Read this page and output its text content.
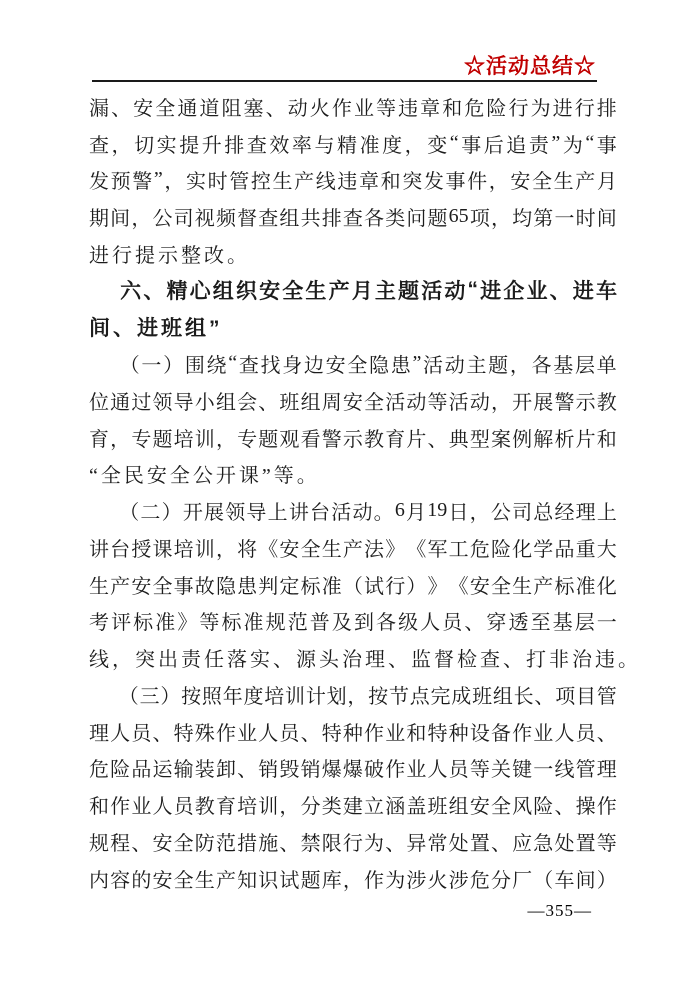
☆活动总结☆
漏 、 安 全 通 道 阻 塞 、 动 火 作 业 等 违 章 和 危 险 行 为 进 行 排
查 ， 切 实 提 升 排 查 效 率 与 精 准 度 ， 变 “ 事 后 追 责 ” 为 “ 事
发 预 警 ” ， 实 时 管 控 生 产 线 违 章 和 突 发 事 件 ， 安 全 生 产 月
期 间 ， 公 司 视 频 督 查 组 共 排 查 各 类 问 题 65 项 ， 均 第 一 时 间
进行提示整改。
六 、 精 心 组 织 安 全 生 产 月 主 题 活 动 “ 进 企 业 、 进 车
间、进班组”
（ 一 ） 围 绕 “ 查 找 身 边 安 全 隐 患 ” 活 动 主 题 ， 各 基 层 单
位 通 过 领 导 小 组 会 、 班 组 周 安 全 活 动 等 活 动 ， 开 展 警 示 教
育 ， 专 题 培 训 ， 专 题 观 看 警 示 教 育 片 、 典 型 案 例 解 析 片 和
“全民安全公开课”等。
（ 二 ） 开 展 领 导 上 讲 台 活 动 。 6 月 19 日 ， 公 司 总 经 理 上
讲 台 授 课 培 训 ， 将 《 安 全 生 产 法 》 《 军 工 危 险 化 学 品 重 大
生 产 安 全 事 故 隐 患 判 定 标 准 （ 试 行 ） 》 《 安 全 生 产 标 准 化
考 评 标 准 》 等 标 准 规 范 普 及 到 各 级 人 员 、 穿 透 至 基 层 一
线，突出责任落实、源头治理、监督检查、打非治违。
（ 三 ） 按 照 年 度 培 训 计 划 ， 按 节 点 完 成 班 组 长 、 项 目 管
理 人 员 、 特 殊 作 业 人 员 、 特 种 作 业 和 特 种 设 备 作 业 人 员 、
危 险 品 运 输 装 卸 、 销 毁 销 爆 爆 破 作 业 人 员 等 关 键 一 线 管 理
和 作 业 人 员 教 育 培 训 ， 分 类 建 立 涵 盖 班 组 安 全 风 险 、 操 作
规 程 、 安 全 防 范 措 施 、 禁 限 行 为 、 异 常 处 置 、 应 急 处 置 等
内 容 的 安 全 生 产 知 识 试 题 库 ， 作 为 涉 火 涉 危 分 厂 （ 车 间 ）
—355—
